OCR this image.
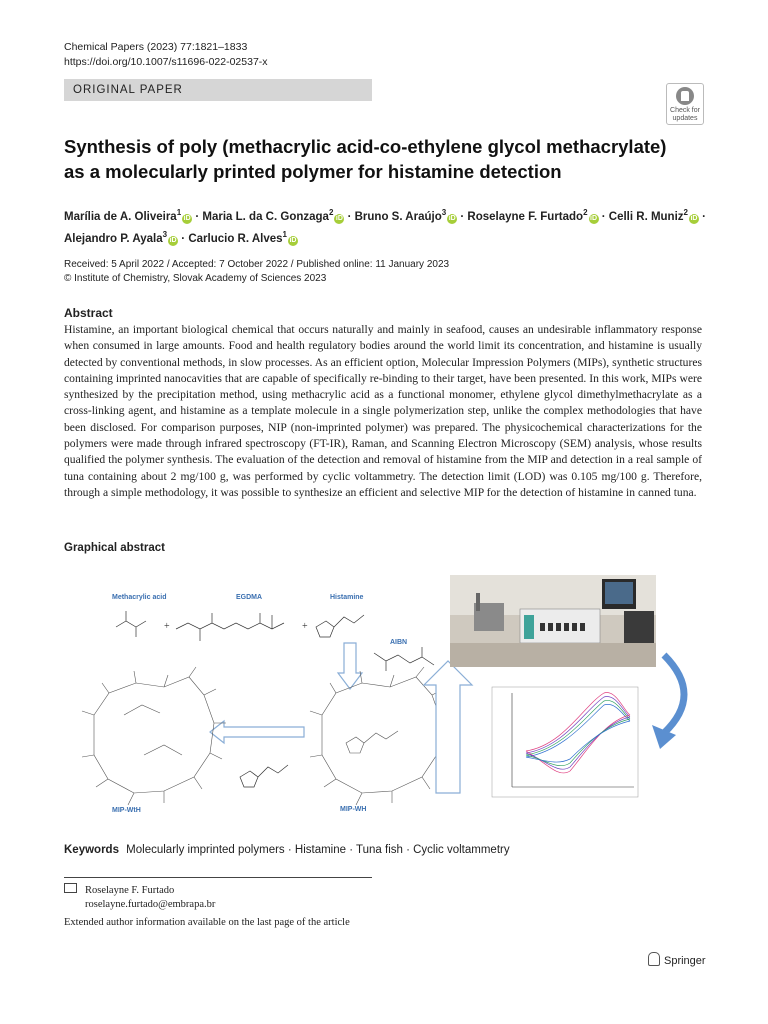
Chemical Papers (2023) 77:1821–1833
https://doi.org/10.1007/s11696-022-02537-x
ORIGINAL PAPER
Check for
updates
Synthesis of poly (methacrylic acid-co-ethylene glycol methacrylate)
as a molecularly printed polymer for histamine detection
Marília de A. Oliveira$^1$iD · Maria L. da C. Gonzaga$^2$iD · Bruno S. Araújo$^3$iD · Roselayne F. Furtado$^2$iD · Celli R. Muniz$^2$iD ·
Alejandro P. Ayala$^3$iD · Carlucio R. Alves$^1$iD
Received: 5 April 2022 / Accepted: 7 October 2022 / Published online: 11 January 2023
© Institute of Chemistry, Slovak Academy of Sciences 2023
Abstract
Histamine, an important biological chemical that occurs naturally and mainly in seafood, causes an undesirable inflammatory response when consumed in large amounts. Food and health regulatory bodies around the world limit its concentration, and histamine is usually detected by conventional methods, in slow processes. As an efficient option, Molecular Impression Polymers (MIPs), synthetic structures containing imprinted nanocavities that are capable of specifically re-binding to their target, have been presented. In this work, MIPs were synthesized by the precipitation method, using methacrylic acid as a functional monomer, ethylene glycol dimethylmethacrylate as a cross-linking agent, and histamine as a template molecule in a single polymerization step, unlike the complex methodologies that have been disclosed. For comparison purposes, NIP (non-imprinted polymer) was prepared. The physicochemical characterizations for the polymers were made through infrared spectroscopy (FT-IR), Raman, and Scanning Electron Microscopy (SEM) analysis, whose results qualified the polymer synthesis. The evaluation of the detection and removal of histamine from the MIP and detection in a real sample of tuna containing about 2 mg/100 g, was performed by cyclic voltammetry. The detection limit (LOD) was 0.105 mg/100 g. Therefore, through a simple methodology, it was possible to synthesize an efficient and selective MIP for the detection of histamine in canned tuna.
Graphical abstract
Methacrylic acid	EGDMA	Histamine
AIBN
MIP-WtH	MIP-WH
+	+
Keywords Molecularly imprinted polymers · Histamine · Tuna fish · Cyclic voltammetry
Roselayne F. Furtado
roselayne.furtado@embrapa.br
Extended author information available on the last page of the article
Springer
